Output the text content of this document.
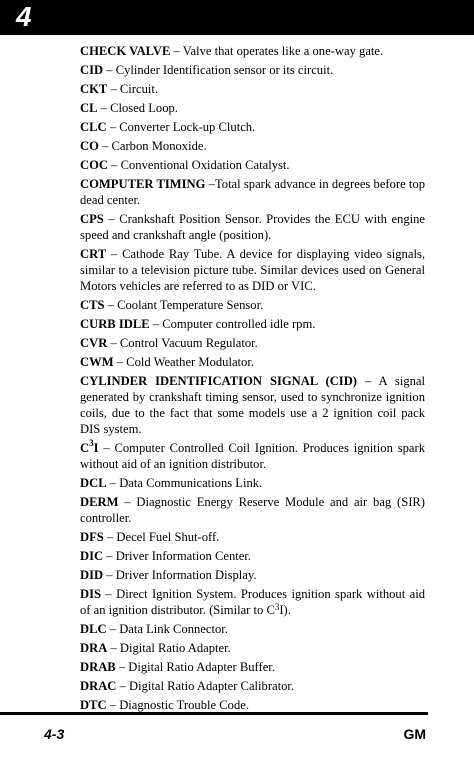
4

CHECK VALVE – Valve that operates like a one-way gate.

CID – Cylinder Identification sensor or its circuit.

CKT – Circuit.

CL – Closed Loop.

CLC – Converter Lock-up Clutch.

CO – Carbon Monoxide.

COC – Conventional Oxidation Catalyst.

COMPUTER TIMING –Total spark advance in degrees before top dead center.

CPS – Crankshaft Position Sensor. Provides the ECU with engine speed and crankshaft angle (position).

CRT – Cathode Ray Tube. A device for displaying video signals, similar to a television picture tube. Similar devices used on General Motors vehicles are referred to as DID or VIC.

CTS – Coolant Temperature Sensor.

CURB IDLE – Computer controlled idle rpm.

CVR – Control Vacuum Regulator.

CWM – Cold Weather Modulator.

CYLINDER IDENTIFICATION SIGNAL (CID) – A signal generated by crankshaft timing sensor, used to synchronize ignition coils, due to the fact that some models use a 2 ignition coil pack DIS system.

$C^3I$ – Computer Controlled Coil Ignition. Produces ignition spark without aid of an ignition distributor.

DCL – Data Communications Link.

DERM – Diagnostic Energy Reserve Module and air bag (SIR) controller.

DFS – Decel Fuel Shut-off.

DIC – Driver Information Center.

DID – Driver Information Display.

DIS – Direct Ignition System. Produces ignition spark without aid of an ignition distributor. (Similar to $C^3I$).

DLC – Data Link Connector.

DRA – Digital Ratio Adapter.

DRAB – Digital Ratio Adapter Buffer.

DRAC – Digital Ratio Adapter Calibrator.

DTC – Diagnostic Trouble Code.

4-3	GM
